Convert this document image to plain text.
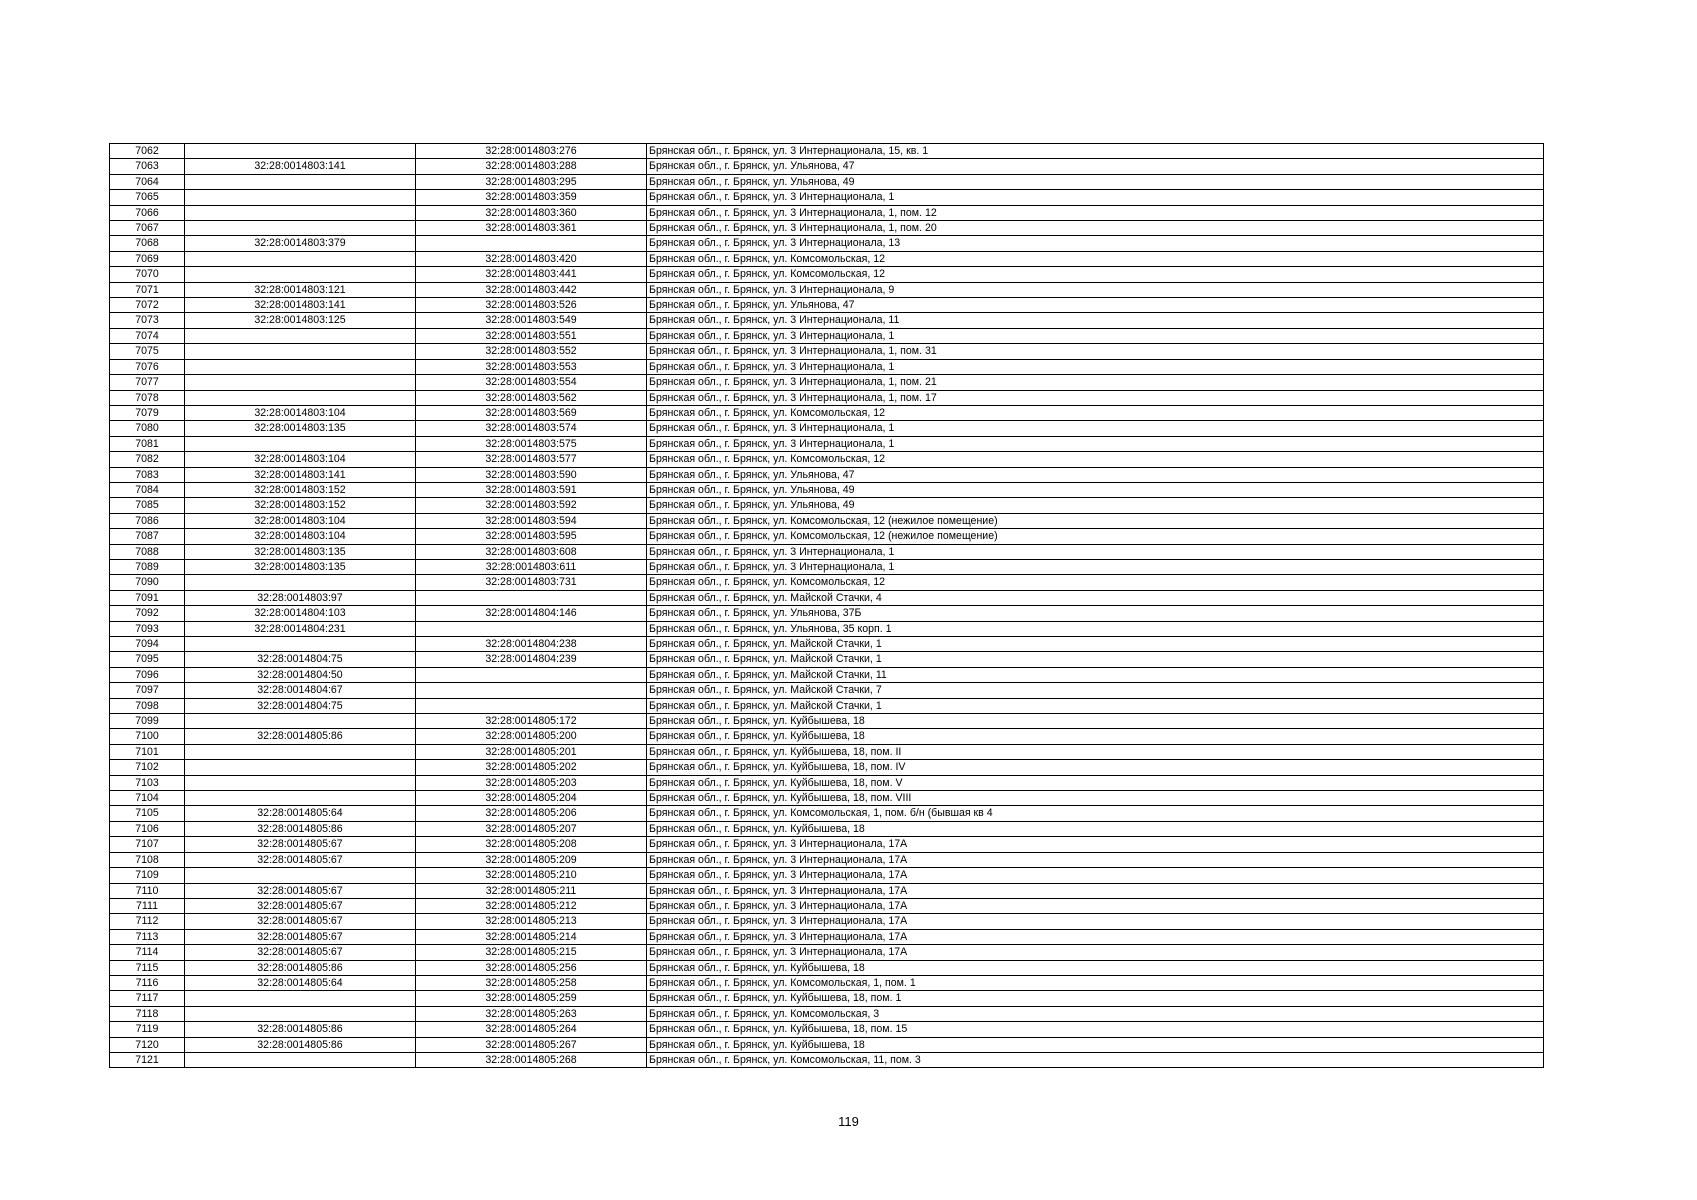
7062		32:28:0014803:276	Брянская обл., г. Брянск, ул. 3 Интернационала, 15, кв. 1
7063	32:28:0014803:141	32:28:0014803:288	Брянская обл., г. Брянск, ул. Ульянова, 47
7064		32:28:0014803:295	Брянская обл., г. Брянск, ул. Ульянова, 49
7065		32:28:0014803:359	Брянская обл., г. Брянск, ул. 3 Интернационала, 1
7066		32:28:0014803:360	Брянская обл., г. Брянск, ул. 3 Интернационала, 1, пом. 12
7067		32:28:0014803:361	Брянская обл., г. Брянск, ул. 3 Интернационала, 1, пом. 20
7068	32:28:0014803:379		Брянская обл., г. Брянск, ул. 3 Интернационала, 13
7069		32:28:0014803:420	Брянская обл., г. Брянск, ул. Комсомольская, 12
7070		32:28:0014803:441	Брянская обл., г. Брянск, ул. Комсомольская, 12
7071	32:28:0014803:121	32:28:0014803:442	Брянская обл., г. Брянск, ул. 3 Интернационала, 9
7072	32:28:0014803:141	32:28:0014803:526	Брянская обл., г. Брянск, ул. Ульянова, 47
7073	32:28:0014803:125	32:28:0014803:549	Брянская обл., г. Брянск, ул. 3 Интернационала, 11
7074		32:28:0014803:551	Брянская обл., г. Брянск, ул. 3 Интернационала, 1
7075		32:28:0014803:552	Брянская обл., г. Брянск, ул. 3 Интернационала, 1, пом. 31
7076		32:28:0014803:553	Брянская обл., г. Брянск, ул. 3 Интернационала, 1
7077		32:28:0014803:554	Брянская обл., г. Брянск, ул. 3 Интернационала, 1, пом. 21
7078		32:28:0014803:562	Брянская обл., г. Брянск, ул. 3 Интернационала, 1, пом. 17
7079	32:28:0014803:104	32:28:0014803:569	Брянская обл., г. Брянск, ул. Комсомольская, 12
7080	32:28:0014803:135	32:28:0014803:574	Брянская обл., г. Брянск, ул. 3 Интернационала, 1
7081		32:28:0014803:575	Брянская обл., г. Брянск, ул. 3 Интернационала, 1
7082	32:28:0014803:104	32:28:0014803:577	Брянская обл., г. Брянск, ул. Комсомольская, 12
7083	32:28:0014803:141	32:28:0014803:590	Брянская обл., г. Брянск, ул. Ульянова, 47
7084	32:28:0014803:152	32:28:0014803:591	Брянская обл., г. Брянск, ул. Ульянова, 49
7085	32:28:0014803:152	32:28:0014803:592	Брянская обл., г. Брянск, ул. Ульянова, 49
7086	32:28:0014803:104	32:28:0014803:594	Брянская обл., г. Брянск, ул. Комсомольская, 12 (нежилое помещение)
7087	32:28:0014803:104	32:28:0014803:595	Брянская обл., г. Брянск, ул. Комсомольская, 12 (нежилое помещение)
7088	32:28:0014803:135	32:28:0014803:608	Брянская обл., г. Брянск, ул. 3 Интернационала, 1
7089	32:28:0014803:135	32:28:0014803:611	Брянская обл., г. Брянск, ул. 3 Интернационала, 1
7090		32:28:0014803:731	Брянская обл., г. Брянск, ул. Комсомольская, 12
7091	32:28:0014803:97		Брянская обл., г. Брянск, ул. Майской Стачки, 4
7092	32:28:0014804:103	32:28:0014804:146	Брянская обл., г. Брянск, ул. Ульянова, 37Б
7093	32:28:0014804:231		Брянская обл., г. Брянск, ул. Ульянова, 35 корп. 1
7094		32:28:0014804:238	Брянская обл., г. Брянск, ул. Майской Стачки, 1
7095	32:28:0014804:75	32:28:0014804:239	Брянская обл., г. Брянск, ул. Майской Стачки, 1
7096	32:28:0014804:50		Брянская обл., г. Брянск, ул. Майской Стачки, 11
7097	32:28:0014804:67		Брянская обл., г. Брянск, ул. Майской Стачки, 7
7098	32:28:0014804:75		Брянская обл., г. Брянск, ул. Майской Стачки, 1
7099		32:28:0014805:172	Брянская обл., г. Брянск, ул. Куйбышева, 18
7100	32:28:0014805:86	32:28:0014805:200	Брянская обл., г. Брянск, ул. Куйбышева, 18
7101		32:28:0014805:201	Брянская обл., г. Брянск, ул. Куйбышева, 18, пом. II
7102		32:28:0014805:202	Брянская обл., г. Брянск, ул. Куйбышева, 18, пом. IV
7103		32:28:0014805:203	Брянская обл., г. Брянск, ул. Куйбышева, 18, пом. V
7104		32:28:0014805:204	Брянская обл., г. Брянск, ул. Куйбышева, 18, пом. VIII
7105	32:28:0014805:64	32:28:0014805:206	Брянская обл., г. Брянск, ул. Комсомольская, 1, пом. б/н (бывшая кв 4
7106	32:28:0014805:86	32:28:0014805:207	Брянская обл., г. Брянск, ул. Куйбышева, 18
7107	32:28:0014805:67	32:28:0014805:208	Брянская обл., г. Брянск, ул. 3 Интернационала, 17А
7108	32:28:0014805:67	32:28:0014805:209	Брянская обл., г. Брянск, ул. 3 Интернационала, 17А
7109		32:28:0014805:210	Брянская обл., г. Брянск, ул. 3 Интернационала, 17А
7110	32:28:0014805:67	32:28:0014805:211	Брянская обл., г. Брянск, ул. 3 Интернационала, 17А
7111	32:28:0014805:67	32:28:0014805:212	Брянская обл., г. Брянск, ул. 3 Интернационала, 17А
7112	32:28:0014805:67	32:28:0014805:213	Брянская обл., г. Брянск, ул. 3 Интернационала, 17А
7113	32:28:0014805:67	32:28:0014805:214	Брянская обл., г. Брянск, ул. 3 Интернационала, 17А
7114	32:28:0014805:67	32:28:0014805:215	Брянская обл., г. Брянск, ул. 3 Интернационала, 17А
7115	32:28:0014805:86	32:28:0014805:256	Брянская обл., г. Брянск, ул. Куйбышева, 18
7116	32:28:0014805:64	32:28:0014805:258	Брянская обл., г. Брянск, ул. Комсомольская, 1, пом. 1
7117		32:28:0014805:259	Брянская обл., г. Брянск, ул. Куйбышева, 18, пом. 1
7118		32:28:0014805:263	Брянская обл., г. Брянск, ул. Комсомольская, 3
7119	32:28:0014805:86	32:28:0014805:264	Брянская обл., г. Брянск, ул. Куйбышева, 18, пом. 15
7120	32:28:0014805:86	32:28:0014805:267	Брянская обл., г. Брянск, ул. Куйбышева, 18
7121		32:28:0014805:268	Брянская обл., г. Брянск, ул. Комсомольская, 11, пом. 3
119
